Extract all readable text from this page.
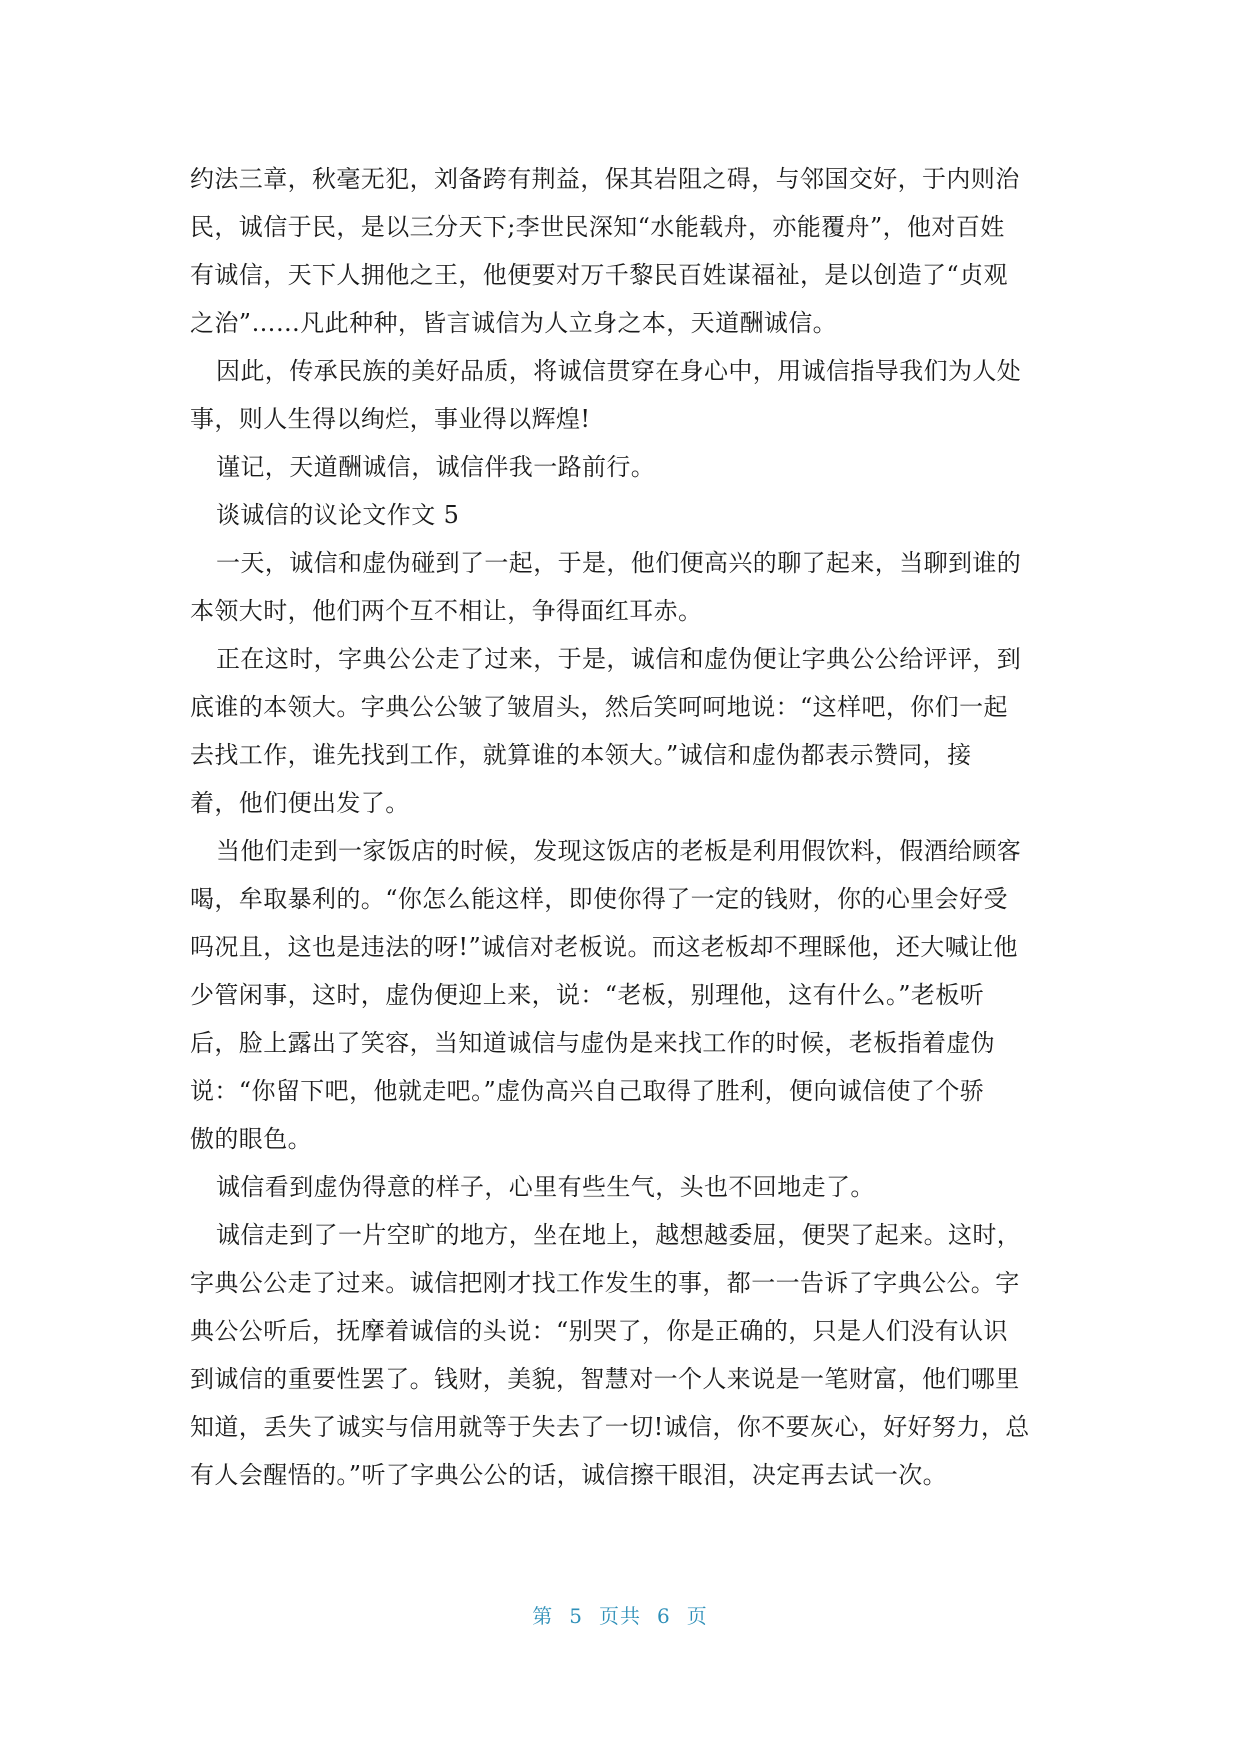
约法三章，秋毫无犯，刘备跨有荆益，保其岩阻之碍，与邻国交好，于内则治
民，诚信于民，是以三分天下;李世民深知“水能载舟，亦能覆舟”，他对百姓
有诚信，天下人拥他之王，他便要对万千黎民百姓谋福祉，是以创造了“贞观
之治”……凡此种种，皆言诚信为人立身之本，天道酬诚信。
因此，传承民族的美好品质，将诚信贯穿在身心中，用诚信指导我们为人处
事，则人生得以绚烂，事业得以辉煌!
谨记，天道酬诚信，诚信伴我一路前行。
谈诚信的议论文作文 5
一天，诚信和虚伪碰到了一起，于是，他们便高兴的聊了起来，当聊到谁的
本领大时，他们两个互不相让，争得面红耳赤。
正在这时，字典公公走了过来，于是，诚信和虚伪便让字典公公给评评，到
底谁的本领大。字典公公皱了皱眉头，然后笑呵呵地说：“这样吧，你们一起
去找工作，谁先找到工作，就算谁的本领大。”诚信和虚伪都表示赞同，接
着，他们便出发了。
当他们走到一家饭店的时候，发现这饭店的老板是利用假饮料，假酒给顾客
喝，牟取暴利的。“你怎么能这样，即使你得了一定的钱财，你的心里会好受
吗况且，这也是违法的呀!”诚信对老板说。而这老板却不理睬他，还大喊让他
少管闲事，这时，虚伪便迎上来，说：“老板，别理他，这有什么。”老板听
后，脸上露出了笑容，当知道诚信与虚伪是来找工作的时候，老板指着虚伪
说：“你留下吧，他就走吧。”虚伪高兴自己取得了胜利，便向诚信使了个骄
傲的眼色。
诚信看到虚伪得意的样子，心里有些生气，头也不回地走了。
诚信走到了一片空旷的地方，坐在地上，越想越委屈，便哭了起来。这时，
字典公公走了过来。诚信把刚才找工作发生的事，都一一告诉了字典公公。字
典公公听后，抚摩着诚信的头说：“别哭了，你是正确的，只是人们没有认识
到诚信的重要性罢了。钱财，美貌，智慧对一个人来说是一笔财富，他们哪里
知道，丢失了诚实与信用就等于失去了一切!诚信，你不要灰心，好好努力，总
有人会醒悟的。”听了字典公公的话，诚信擦干眼泪，决定再去试一次。
第 5 页共 6 页
